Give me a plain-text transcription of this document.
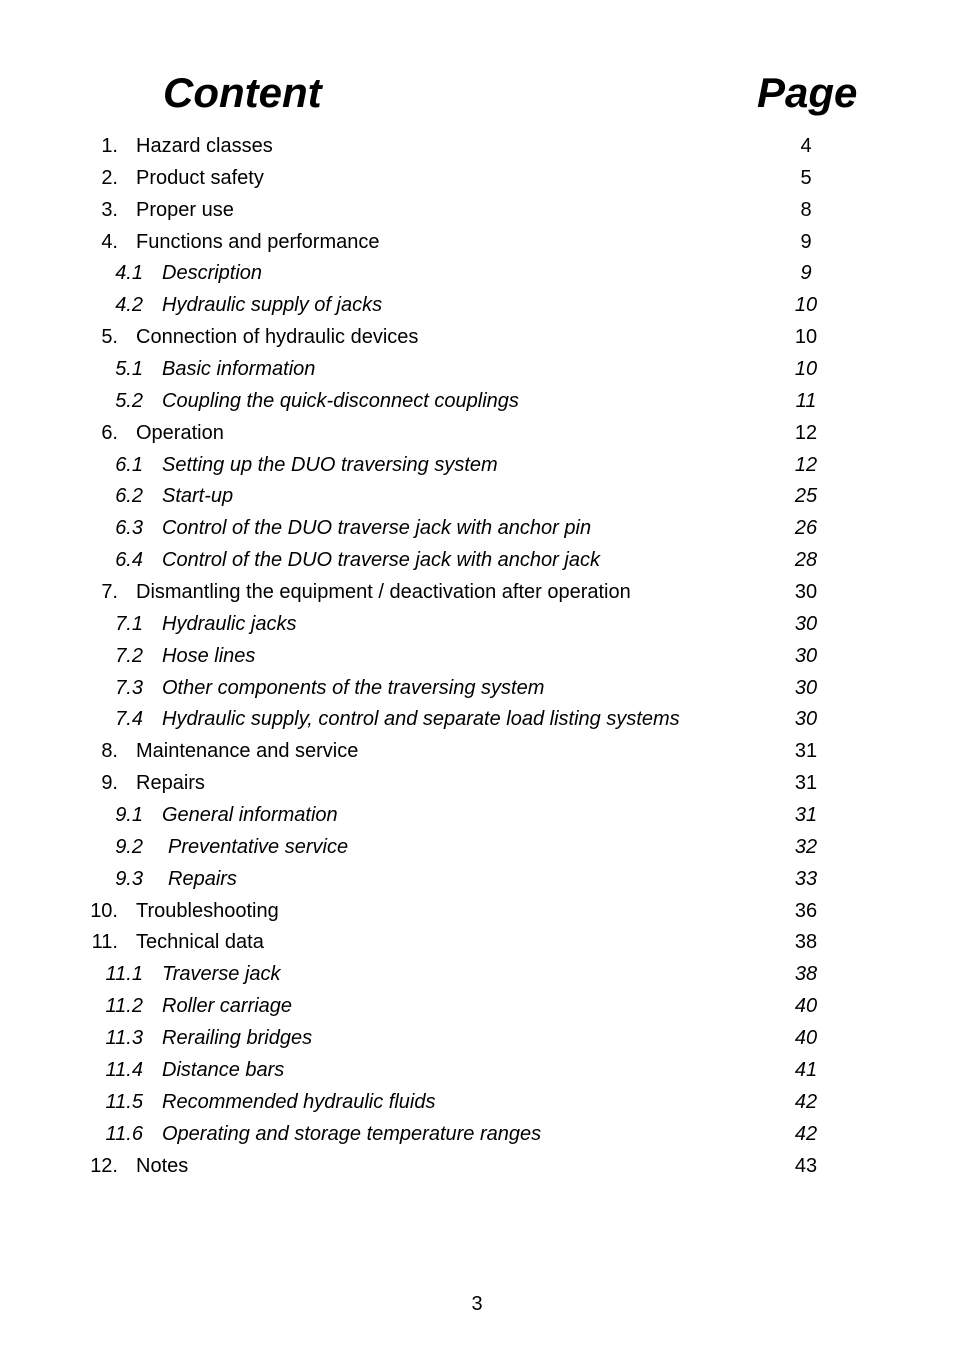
Content	Page
1. Hazard classes	4
2. Product safety	5
3. Proper use	8
4. Functions and performance	9
4.1 Description	9
4.2 Hydraulic supply of jacks	10
5. Connection of hydraulic devices	10
5.1 Basic information	10
5.2 Coupling the quick-disconnect couplings	11
6. Operation	12
6.1 Setting up the DUO traversing system	12
6.2 Start-up	25
6.3 Control of the DUO traverse jack with anchor pin	26
6.4 Control of the DUO traverse jack with anchor jack	28
7. Dismantling the equipment / deactivation after operation	30
7.1 Hydraulic jacks	30
7.2 Hose lines	30
7.3 Other components of the traversing system	30
7.4 Hydraulic supply, control and separate load listing systems	30
8. Maintenance and service	31
9. Repairs	31
9.1 General information	31
9.2 Preventative service	32
9.3 Repairs	33
10. Troubleshooting	36
11. Technical data	38
11.1 Traverse jack	38
11.2 Roller carriage	40
11.3 Rerailing bridges	40
11.4 Distance bars	41
11.5 Recommended hydraulic fluids	42
11.6 Operating and storage temperature ranges	42
12. Notes	43
3
